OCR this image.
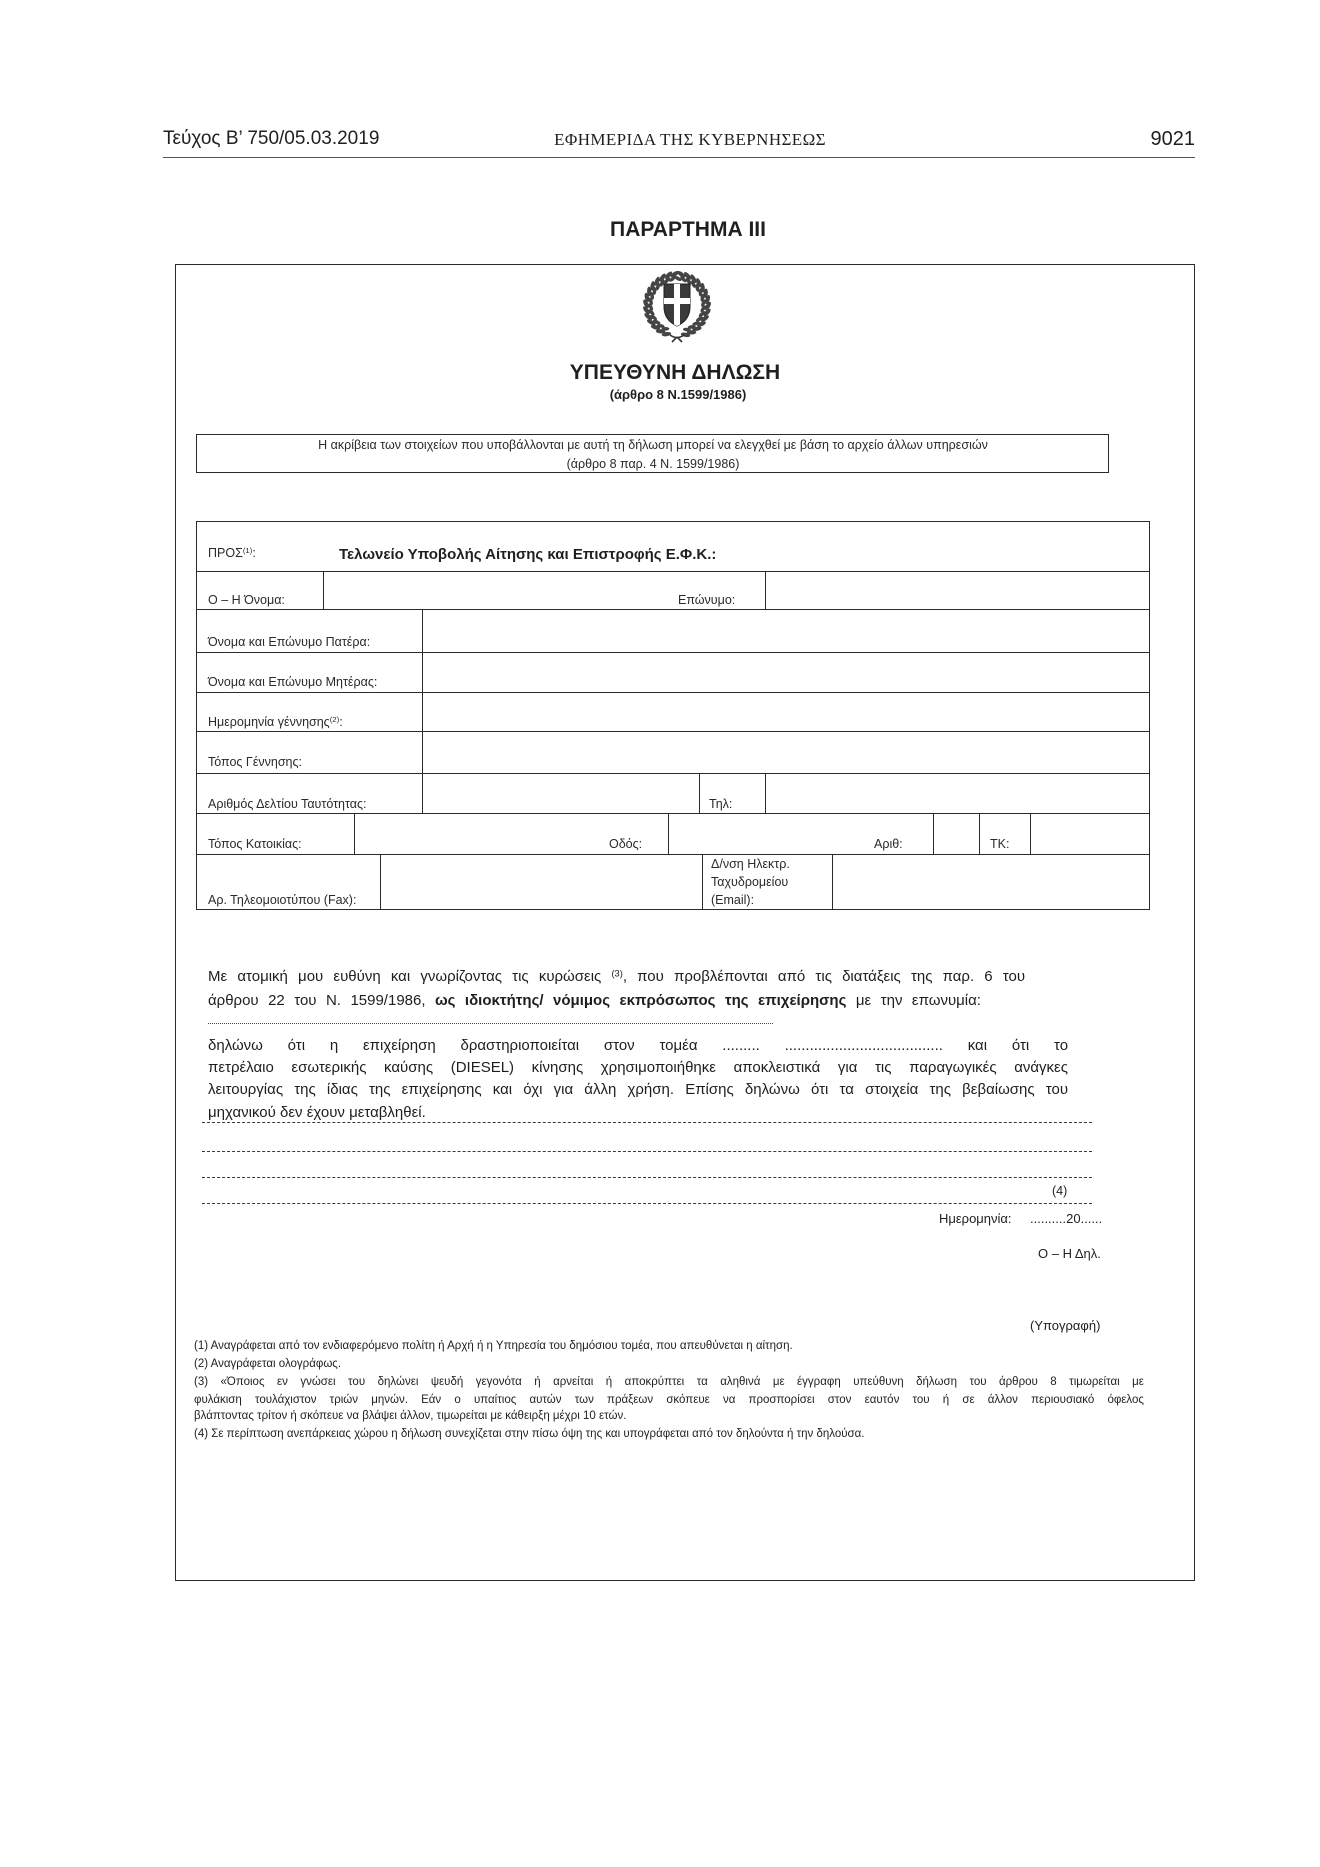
Τεύχος Β’ 750/05.03.2019	ΕΦΗΜΕΡΙΔΑ ΤΗΣ ΚΥΒΕΡΝΗΣΕΩΣ	9021
ΠΑΡΑΡΤΗΜΑ III
ΥΠΕΥΘΥΝΗ ΔΗΛΩΣΗ
(άρθρο 8 Ν.1599/1986)
Η ακρίβεια των στοιχείων που υποβάλλονται με αυτή τη δήλωση μπορεί να ελεγχθεί με βάση το αρχείο άλλων υπηρεσιών
(άρθρο 8 παρ. 4 Ν. 1599/1986)
ΠΡΟΣ$^{(1)}$:	Τελωνείο Υποβολής Αίτησης και Επιστροφής Ε.Φ.Κ.:
Ο – Η Όνομα:	Επώνυμο:
Όνομα και Επώνυμο Πατέρα:
Όνομα και Επώνυμο Μητέρας:
Ημερομηνία γέννησης$^{(2)}$:
Τόπος Γέννησης:
Αριθμός Δελτίου Ταυτότητας:	Τηλ:
Τόπος Κατοικίας:	Οδός:	Αριθ:	ΤΚ:
Αρ. Τηλεομοιοτύπου (Fax):
Δ/νση Ηλεκτρ.
Ταχυδρομείου
(Email):
Με ατομική μου ευθύνη και γνωρίζοντας τις κυρώσεις $^{(3)}$, που προβλέπονται από τις διατάξεις της παρ. 6 του
άρθρου 22 του Ν. 1599/1986, ως ιδιοκτήτης/ νόμιμος εκπρόσωπος της επιχείρησης με την επωνυμία:
δηλώνω ότι η επιχείρηση δραστηριοποιείται στον τομέα ......... ...................................... και ότι το
πετρέλαιο εσωτερικής καύσης (DIESEL) κίνησης χρησιμοποιήθηκε αποκλειστικά για τις παραγωγικές ανάγκες
λειτουργίας της ίδιας της επιχείρησης και όχι για άλλη χρήση. Επίσης δηλώνω ότι τα στοιχεία της βεβαίωσης του
μηχανικού δεν έχουν μεταβληθεί.
(4)
Ημερομηνία: ..........20......
Ο – Η Δηλ.
(Υπογραφή)
(1) Αναγράφεται από τον ενδιαφερόμενο πολίτη ή Αρχή ή η Υπηρεσία του δημόσιου τομέα, που απευθύνεται η αίτηση.
(2) Αναγράφεται ολογράφως.
(3) «Όποιος εν γνώσει του δηλώνει ψευδή γεγονότα ή αρνείται ή αποκρύπτει τα αληθινά με έγγραφη υπεύθυνη δήλωση του άρθρου 8 τιμωρείται με
φυλάκιση τουλάχιστον τριών μηνών. Εάν ο υπαίτιος αυτών των πράξεων σκόπευε να προσπορίσει στον εαυτόν του ή σε άλλον περιουσιακό όφελος
βλάπτοντας τρίτον ή σκόπευε να βλάψει άλλον, τιμωρείται με κάθειρξη μέχρι 10 ετών.
(4) Σε περίπτωση ανεπάρκειας χώρου η δήλωση συνεχίζεται στην πίσω όψη της και υπογράφεται από τον δηλούντα ή την δηλούσα.
